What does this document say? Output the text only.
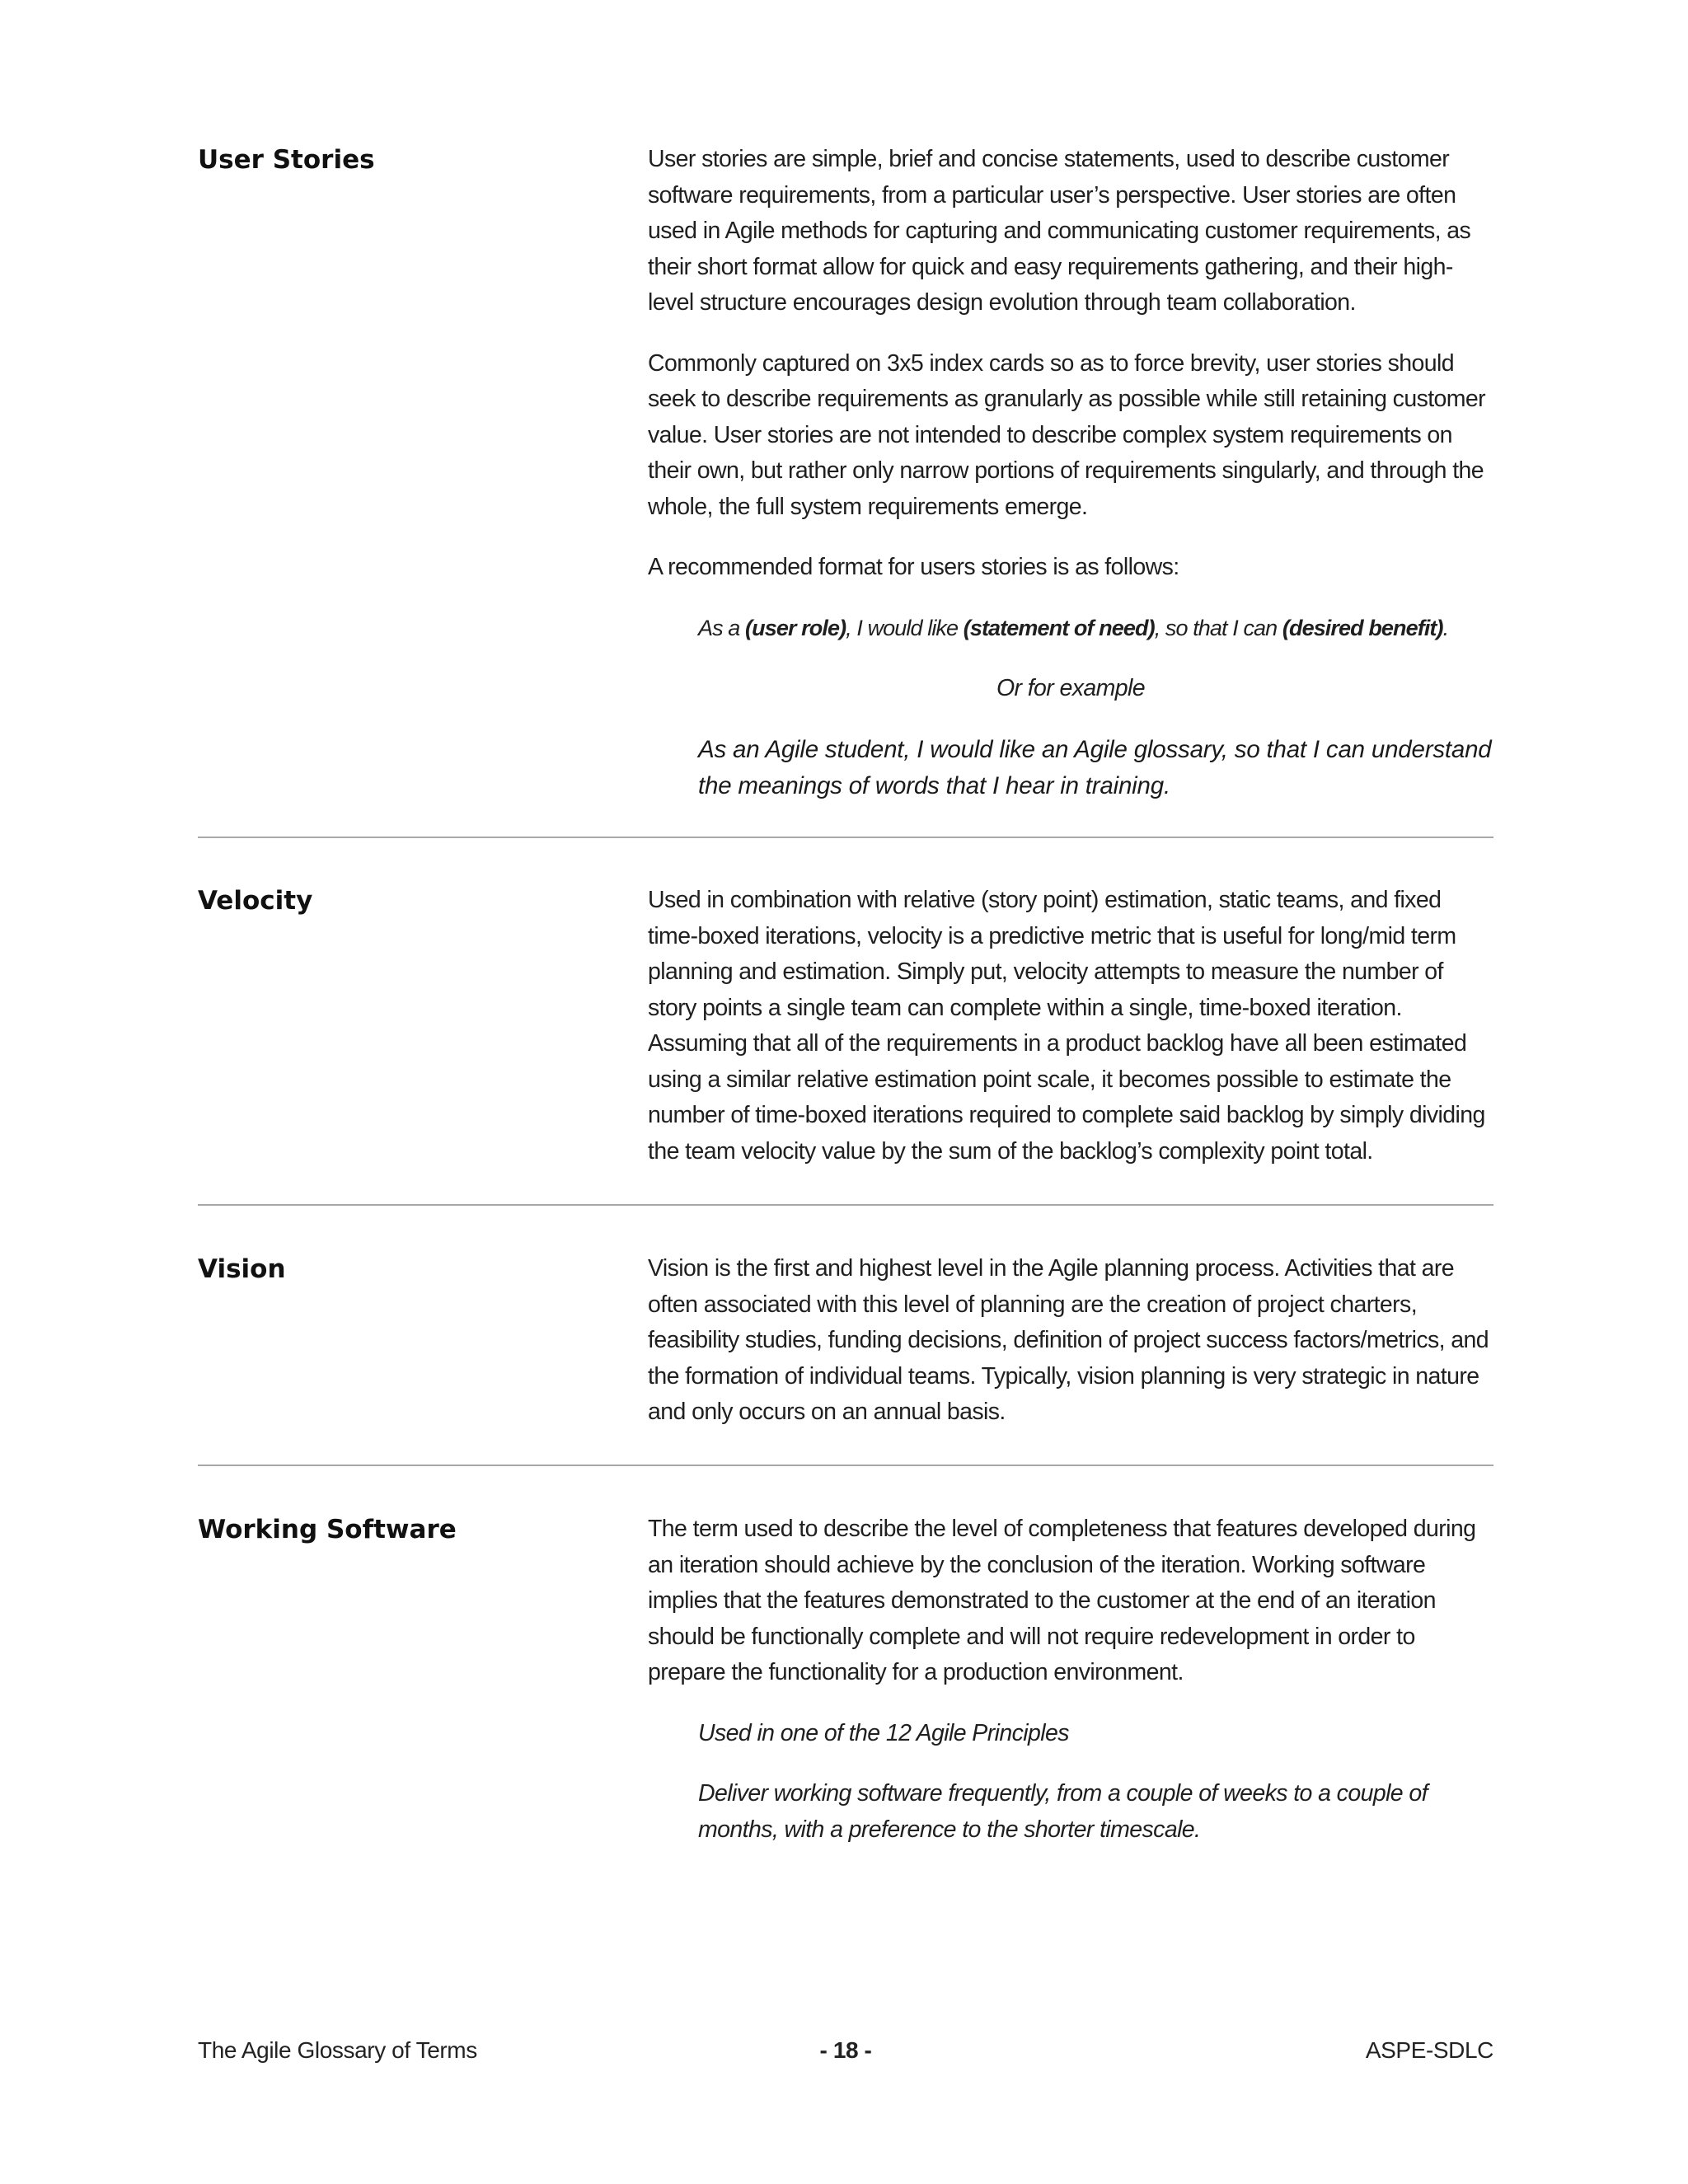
User Stories	User stories are simple, brief and concise statements, used to describe customer software requirements, from a particular user’s perspective. User stories are often used in Agile methods for capturing and communicating customer requirements, as their short format allow for quick and easy requirements gathering, and their high-level structure encourages design evolution through team collaboration.

Commonly captured on 3x5 index cards so as to force brevity, user stories should seek to describe requirements as granularly as possible while still retaining customer value. User stories are not intended to describe complex system requirements on their own, but rather only narrow portions of requirements singularly, and through the whole, the full system requirements emerge.

A recommended format for users stories is as follows:

As a (user role), I would like (statement of need), so that I can (desired benefit).

Or for example

As an Agile student, I would like an Agile glossary, so that I can understand the meanings of words that I hear in training.

Velocity	Used in combination with relative (story point) estimation, static teams, and fixed time-boxed iterations, velocity is a predictive metric that is useful for long/mid term planning and estimation. Simply put, velocity attempts to measure the number of story points a single team can complete within a single, time-boxed iteration. Assuming that all of the requirements in a product backlog have all been estimated using a similar relative estimation point scale, it becomes possible to estimate the number of time-boxed iterations required to complete said backlog by simply dividing the team velocity value by the sum of the backlog’s complexity point total.

Vision	Vision is the first and highest level in the Agile planning process. Activities that are often associated with this level of planning are the creation of project charters, feasibility studies, funding decisions, definition of project success factors/metrics, and the formation of individual teams. Typically, vision planning is very strategic in nature and only occurs on an annual basis.

Working Software	The term used to describe the level of completeness that features developed during an iteration should achieve by the conclusion of the iteration. Working software implies that the features demonstrated to the customer at the end of an iteration should be functionally complete and will not require redevelopment in order to prepare the functionality for a production environment.

Used in one of the 12 Agile Principles

Deliver working software frequently, from a couple of weeks to a couple of months, with a preference to the shorter timescale.

The Agile Glossary of Terms	- 18 -	ASPE-SDLC
